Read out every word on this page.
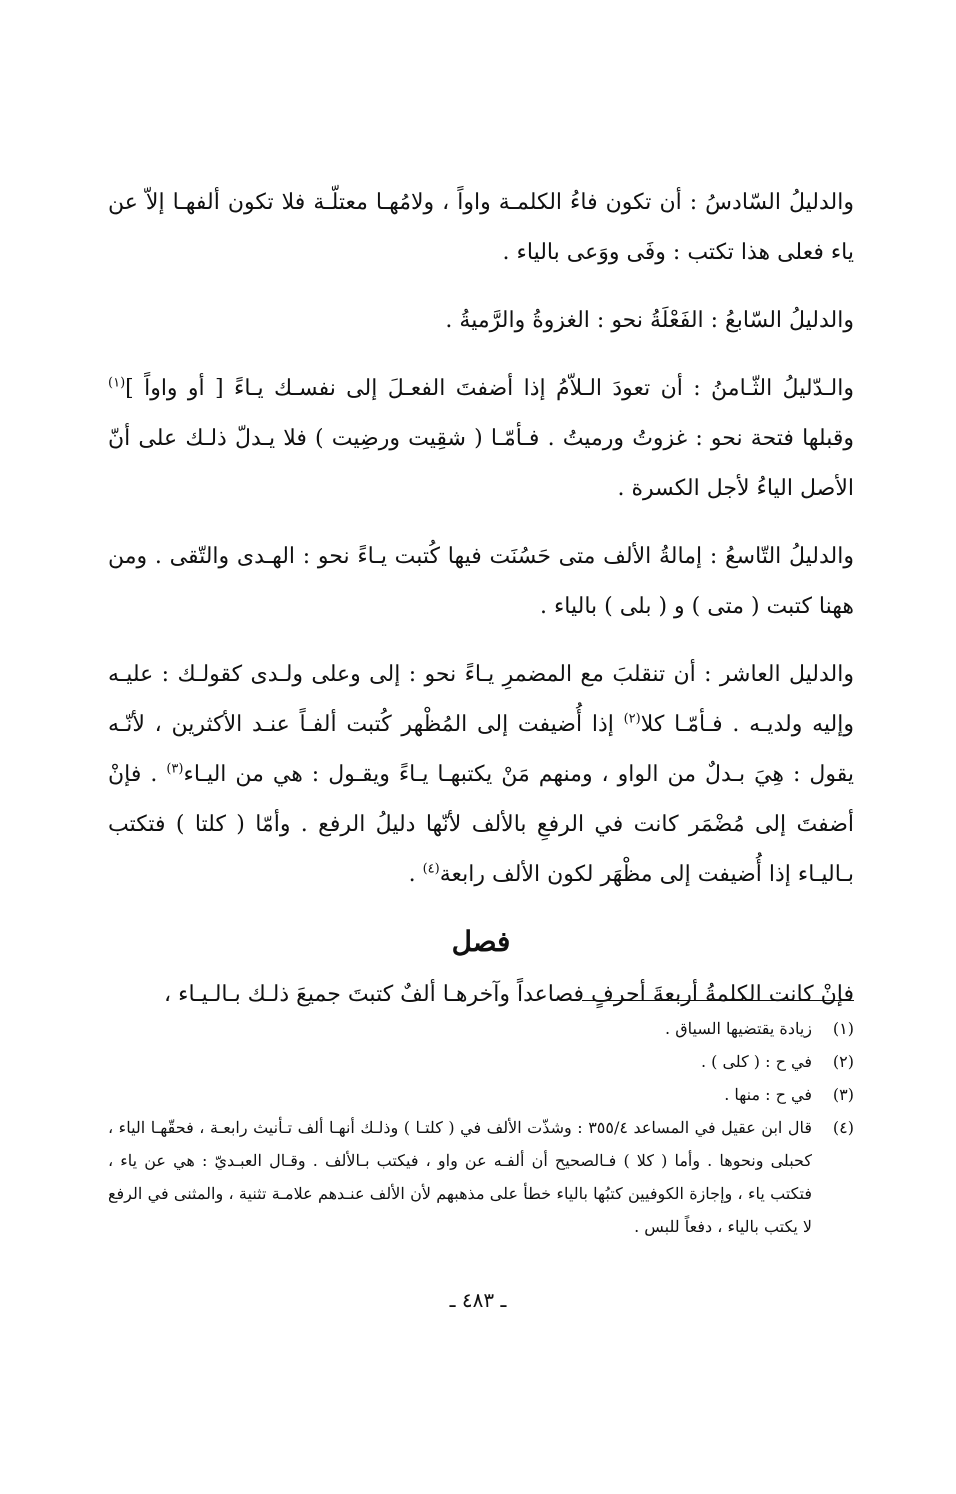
والدليلُ السّادسُ : أن تكون فاءُ الكلمـة واواً ، ولامُهـا معتلّـة فلا تكون ألفهـا إلاّ عن ياء فعلى هذا تكتب : وفَى ووَعى بالياء .

والدليلُ السّابعُ : الفَعْلَةُ نحو : الغزوةُ والرَّميةُ .

والـدّليلُ الثّـامنُ : أن تعودَ الـلاّمُ إذا أضفتَ الفعـلَ إلى نفسـك يـاءً [ أو واواً ]$^{(١)}$ وقبلها فتحة نحو : غزوتُ ورميتُ . فـأمّـا ( شقِيت ورضِيت ) فلا يـدلّ ذلـك على أنّ الأصل الياءُ لأجل الكسرة .

والدليلُ التّاسعُ : إمالةُ الألف متى حَسُنَت فيها كُتبت يـاءً نحو : الهـدى والتّقى . ومن ههنا كتبت ( متى ) و ( بلى ) بالياء .

والدليل العاشر : أن تنقلبَ مع المضمرِ يـاءً نحو : إلى وعلى ولـدى كقولـك : عليـه وإليه ولديـه . فـأمّـا كلا$^{(٢)}$ إذا أُضيفت إلى المُظْهر كُتبت ألفـاً عنـد الأكثرين ، لأنّـه يقول : هِيَ بـدلٌ من الواو ، ومنهم مَنْ يكتبهـا يـاءً ويقـول : هي من اليـاء$^{(٣)}$ . فإنْ أضفتَ إلى مُضْمَر كانت في الرفعِ بالألف لأنّها دليلُ الرفع . وأمّا ( كلتا ) فتكتب بـاليـاء إذا أُضيفت إلى مظْهَر لكون الألف رابعة$^{(٤)}$ .

فصل

فإنْ كانت الكلمةُ أربعةَ أحرفٍ فصاعداً وآخرهـا ألفٌ كتبتَ جميعَ ذلـك بـالـيـاء ،

(١)
زيادة يقتضيها السياق .
(٢)
في ح : ( كلى ) .
(٣)
في ح : منها .
(٤)
قال ابن عقيل في المساعد ٣٥٥/٤ : وشذّت الألف في ( كلتـا ) وذلـك أنهـا ألف تـأنيث رابعـة ، فحقّهـا الياء ، كحبلى ونحوها . وأما ( كلا ) فـالصحيح أن ألفـه عن واو ، فيكتب بـالألف . وقـال العبـديّ : هي عن ياء ، فتكتب ياء ، وإجازة الكوفيين كتبُها بالياء خطأ على مذهبهم لأن الألف عنـدهم علامـة تثنية ، والمثنى في الرفع لا يكتب بالياء ، دفعاً للبس .
ـ ٤٨٣ ـ
